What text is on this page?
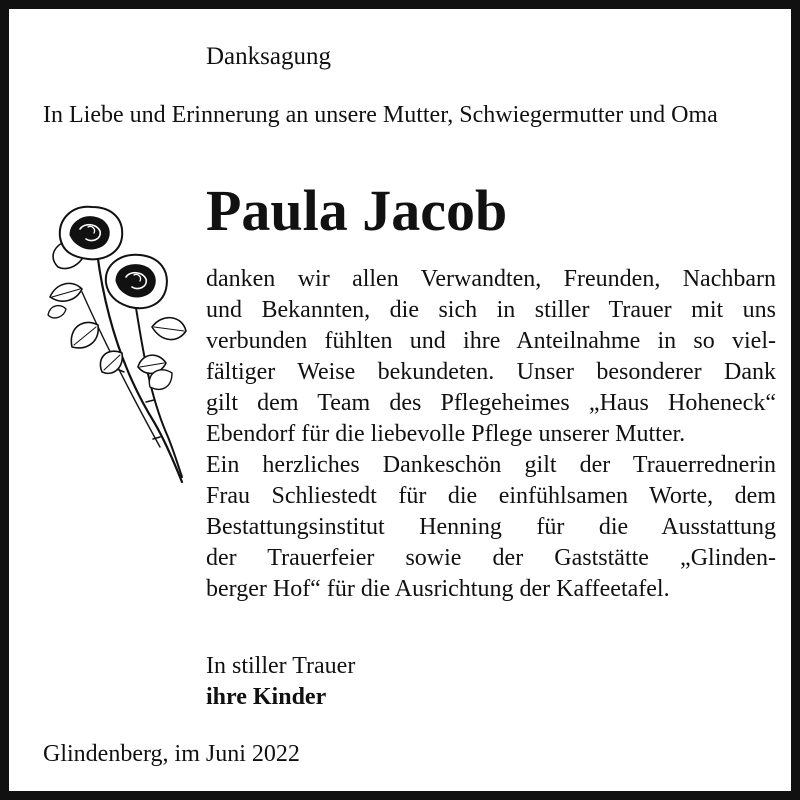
Danksagung
In Liebe und Erinnerung an unsere Mutter, Schwiegermutter und Oma
Paula Jacob
danken wir allen Verwandten, Freunden, Nachbarn
und Bekannten, die sich in stiller Trauer mit uns
verbunden fühlten und ihre Anteilnahme in so viel-
fältiger Weise bekundeten. Unser besonderer Dank
gilt dem Team des Pflegeheimes „Haus Hoheneck“
Ebendorf für die liebevolle Pflege unserer Mutter.
Ein herzliches Dankeschön gilt der Trauerrednerin
Frau Schliestedt für die einfühlsamen Worte, dem
Bestattungsinstitut Henning für die Ausstattung
der Trauerfeier sowie der Gaststätte „Glinden-
berger Hof“ für die Ausrichtung der Kaffeetafel.
In stiller Trauer
ihre Kinder
Glindenberg, im Juni 2022
